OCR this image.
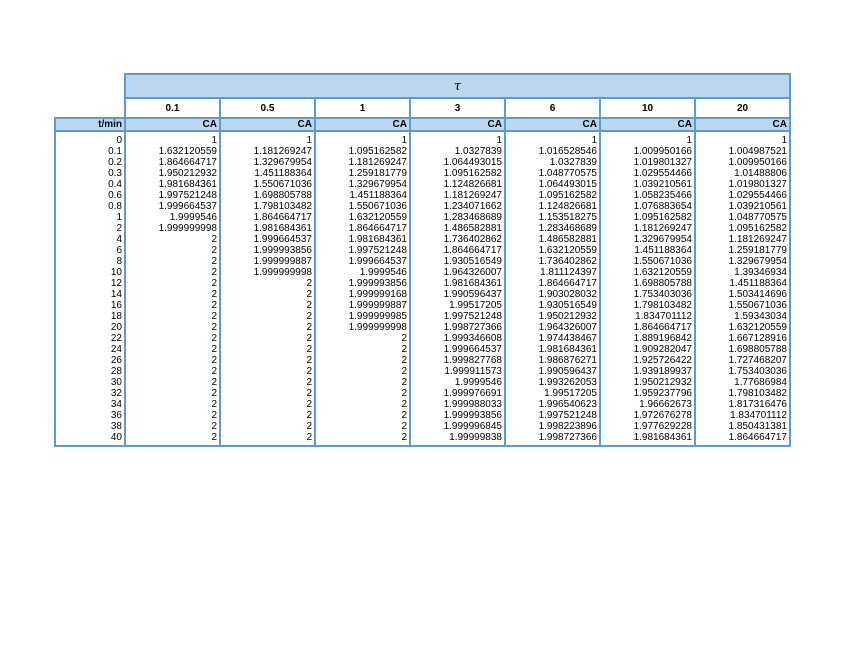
	τ						
	0.1	0.5	1	3	6	10	20
t/min	CA	CA	CA	CA	CA	CA	CA
0	1	1	1	1	1	1	1
0.1	1.632120559	1.181269247	1.095162582	1.0327839	1.016528546	1.009950166	1.004987521
0.2	1.864664717	1.329679954	1.181269247	1.064493015	1.0327839	1.019801327	1.009950166
0.3	1.950212932	1.451188364	1.259181779	1.095162582	1.048770575	1.029554466	1.01488806
0.4	1.981684361	1.550671036	1.329679954	1.124826681	1.064493015	1.039210561	1.019801327
0.6	1.997521248	1.698805788	1.451188364	1.181269247	1.095162582	1.058235466	1.029554466
0.8	1.999664537	1.798103482	1.550671036	1.234071662	1.124826681	1.076883654	1.039210561
1	1.9999546	1.864664717	1.632120559	1.283468689	1.153518275	1.095162582	1.048770575
2	1.999999998	1.981684361	1.864664717	1.486582881	1.283468689	1.181269247	1.095162582
4	2	1.999664537	1.981684361	1.736402862	1.486582881	1.329679954	1.181269247
6	2	1.999993856	1.997521248	1.864664717	1.632120559	1.451188364	1.259181779
8	2	1.999999887	1.999664537	1.930516549	1.736402862	1.550671036	1.329679954
10	2	1.999999998	1.9999546	1.964326007	1.811124397	1.632120559	1.39346934
12	2	2	1.999993856	1.981684361	1.864664717	1.698805788	1.451188364
14	2	2	1.999999168	1.990596437	1.903028032	1.753403036	1.503414696
16	2	2	1.999999887	1.99517205	1.930516549	1.798103482	1.550671036
18	2	2	1.999999985	1.997521248	1.950212932	1.834701112	1.59343034
20	2	2	1.999999998	1.998727366	1.964326007	1.864664717	1.632120559
22	2	2	2	1.999346608	1.974438467	1.889196842	1.667128916
24	2	2	2	1.999664537	1.981684361	1.909282047	1.698805788
26	2	2	2	1.999827768	1.986876271	1.925726422	1.727468207
28	2	2	2	1.999911573	1.990596437	1.939189937	1.753403036
30	2	2	2	1.9999546	1.993262053	1.950212932	1.77686984
32	2	2	2	1.999976691	1.99517205	1.959237796	1.798103482
34	2	2	2	1.999988033	1.996540623	1.96662673	1.817316476
36	2	2	2	1.999993856	1.997521248	1.972676278	1.834701112
38	2	2	2	1.999996845	1.998223896	1.977629228	1.850431381
40	2	2	2	1.99999838	1.998727366	1.981684361	1.864664717
